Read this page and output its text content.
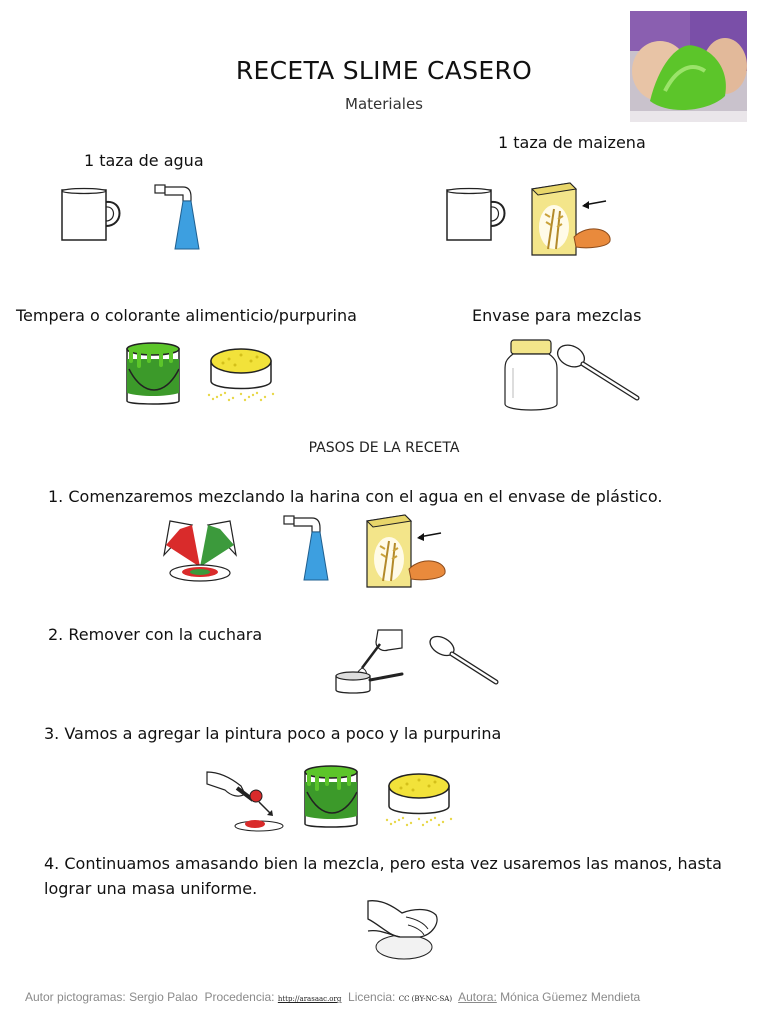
RECETA SLIME CASERO
Materiales
1 taza de agua
1 taza de maizena
Tempera o colorante alimenticio/purpurina	Envase para mezclas
PASOS DE LA RECETA
1. Comenzaremos mezclando la harina con el agua en el envase de plástico.
2. Remover con la cuchara
3. Vamos a agregar la pintura poco a poco y la purpurina
4. Continuamos amasando bien la mezcla, pero esta vez usaremos las manos, hasta lograr una masa uniforme.
Autor pictogramas: Sergio Palao Procedencia: http://arasaac.org Licencia: CC (BY-NC-SA) Autora: Mónica Güemez Mendieta
